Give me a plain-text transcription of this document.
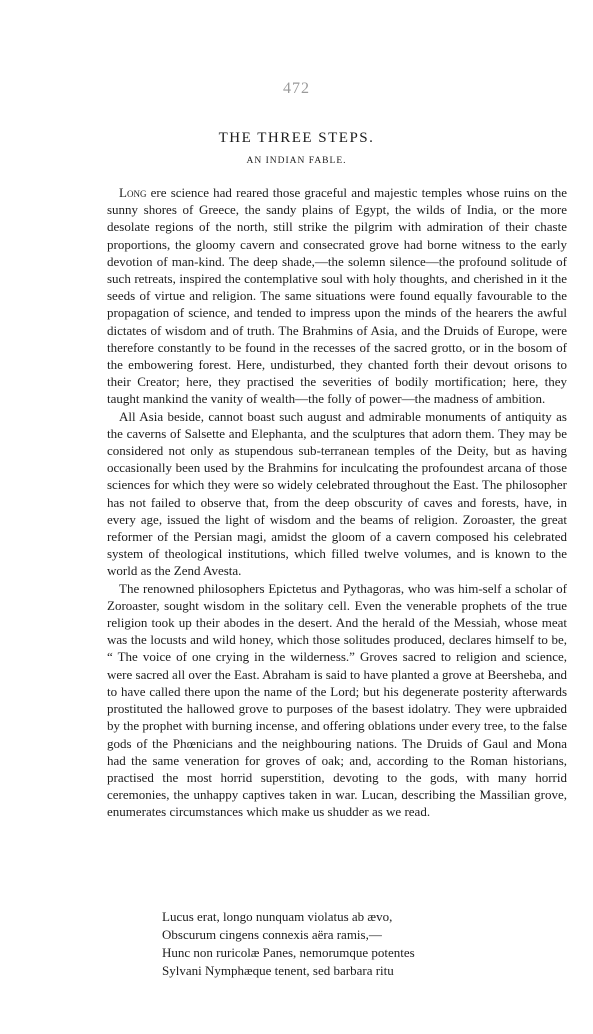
472
THE THREE STEPS.
AN INDIAN FABLE.

Long ere science had reared those graceful and majestic temples whose ruins on the sunny shores of Greece, the sandy plains of Egypt, the wilds of India, or the more desolate regions of the north, still strike the pilgrim with admiration of their chaste proportions, the gloomy cavern and consecrated grove had borne witness to the early devotion of man-kind. The deep shade,—the solemn silence—the profound solitude of such retreats, inspired the contemplative soul with holy thoughts, and cherished in it the seeds of virtue and religion. The same situations were found equally favourable to the propagation of science, and tended to impress upon the minds of the hearers the awful dictates of wisdom and of truth. The Brahmins of Asia, and the Druids of Europe, were therefore constantly to be found in the recesses of the sacred grotto, or in the bosom of the embowering forest. Here, undisturbed, they chanted forth their devout orisons to their Creator; here, they practised the severities of bodily mortification; here, they taught mankind the vanity of wealth—the folly of power—the madness of ambition.

All Asia beside, cannot boast such august and admirable monuments of antiquity as the caverns of Salsette and Elephanta, and the sculptures that adorn them. They may be considered not only as stupendous sub-terranean temples of the Deity, but as having occasionally been used by the Brahmins for inculcating the profoundest arcana of those sciences for which they were so widely celebrated throughout the East. The philosopher has not failed to observe that, from the deep obscurity of caves and forests, have, in every age, issued the light of wisdom and the beams of religion. Zoroaster, the great reformer of the Persian magi, amidst the gloom of a cavern composed his celebrated system of theological institutions, which filled twelve volumes, and is known to the world as the Zend Avesta.

The renowned philosophers Epictetus and Pythagoras, who was him-self a scholar of Zoroaster, sought wisdom in the solitary cell. Even the venerable prophets of the true religion took up their abodes in the desert. And the herald of the Messiah, whose meat was the locusts and wild honey, which those solitudes produced, declares himself to be, “ The voice of one crying in the wilderness.” Groves sacred to religion and science, were sacred all over the East. Abraham is said to have planted a grove at Beersheba, and to have called there upon the name of the Lord; but his degenerate posterity afterwards prostituted the hallowed grove to purposes of the basest idolatry. They were upbraided by the prophet with burning incense, and offering oblations under every tree, to the false gods of the Phœnicians and the neighbouring nations. The Druids of Gaul and Mona had the same veneration for groves of oak; and, according to the Roman historians, practised the most horrid superstition, devoting to the gods, with many horrid ceremonies, the unhappy captives taken in war. Lucan, describing the Massilian grove, enumerates circumstances which make us shudder as we read.

Lucus erat, longo nunquam violatus ab ævo,
Obscurum cingens connexis aëra ramis,—
Hunc non ruricolæ Panes, nemorumque potentes
Sylvani Nymphæque tenent, sed barbara ritu
